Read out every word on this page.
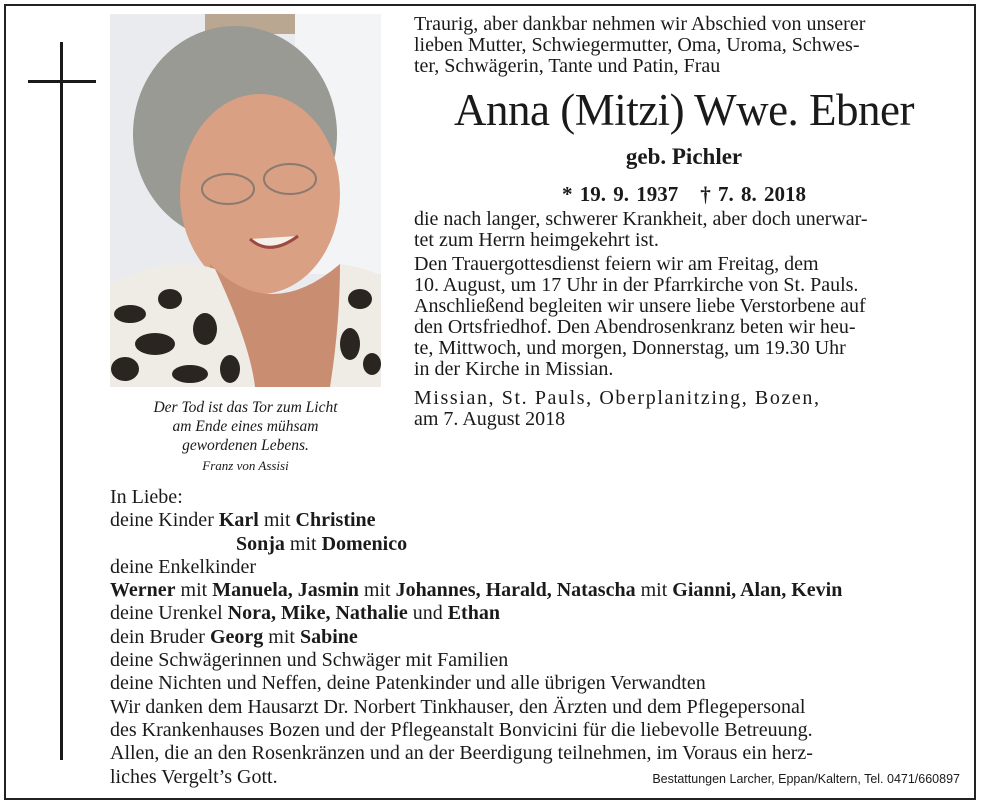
Der Tod ist das Tor zum Licht
am Ende eines mühsam
gewordenen Lebens.
Franz von Assisi
Traurig, aber dankbar nehmen wir Abschied von unserer
lieben Mutter, Schwiegermutter, Oma, Uroma, Schwes-
ter, Schwägerin, Tante und Patin, Frau
Anna (Mitzi) Wwe. Ebner
geb. Pichler
* 19. 9. 1937 † 7. 8. 2018
die nach langer, schwerer Krankheit, aber doch unerwar-
tet zum Herrn heimgekehrt ist.
Den Trauergottesdienst feiern wir am Freitag, dem
10. August, um 17 Uhr in der Pfarrkirche von St. Pauls.
Anschließend begleiten wir unsere liebe Verstorbene auf
den Ortsfriedhof. Den Abendrosenkranz beten wir heu-
te, Mittwoch, und morgen, Donnerstag, um 19.30 Uhr
in der Kirche in Missian.
Missian, St. Pauls, Oberplanitzing, Bozen,
am 7. August 2018
In Liebe:
deine Kinder Karl mit Christine
Sonja mit Domenico
deine Enkelkinder
Werner mit Manuela, Jasmin mit Johannes, Harald, Natascha mit Gianni, Alan, Kevin
deine Urenkel Nora, Mike, Nathalie und Ethan
dein Bruder Georg mit Sabine
deine Schwägerinnen und Schwäger mit Familien
deine Nichten und Neffen, deine Patenkinder und alle übrigen Verwandten
Wir danken dem Hausarzt Dr. Norbert Tinkhauser, den Ärzten und dem Pflegepersonal
des Krankenhauses Bozen und der Pflegeanstalt Bonvicini für die liebevolle Betreuung.
Allen, die an den Rosenkränzen und an der Beerdigung teilnehmen, im Voraus ein herz-
liches Vergelt’s Gott.	Bestattungen Larcher, Eppan/Kaltern, Tel. 0471/660897
